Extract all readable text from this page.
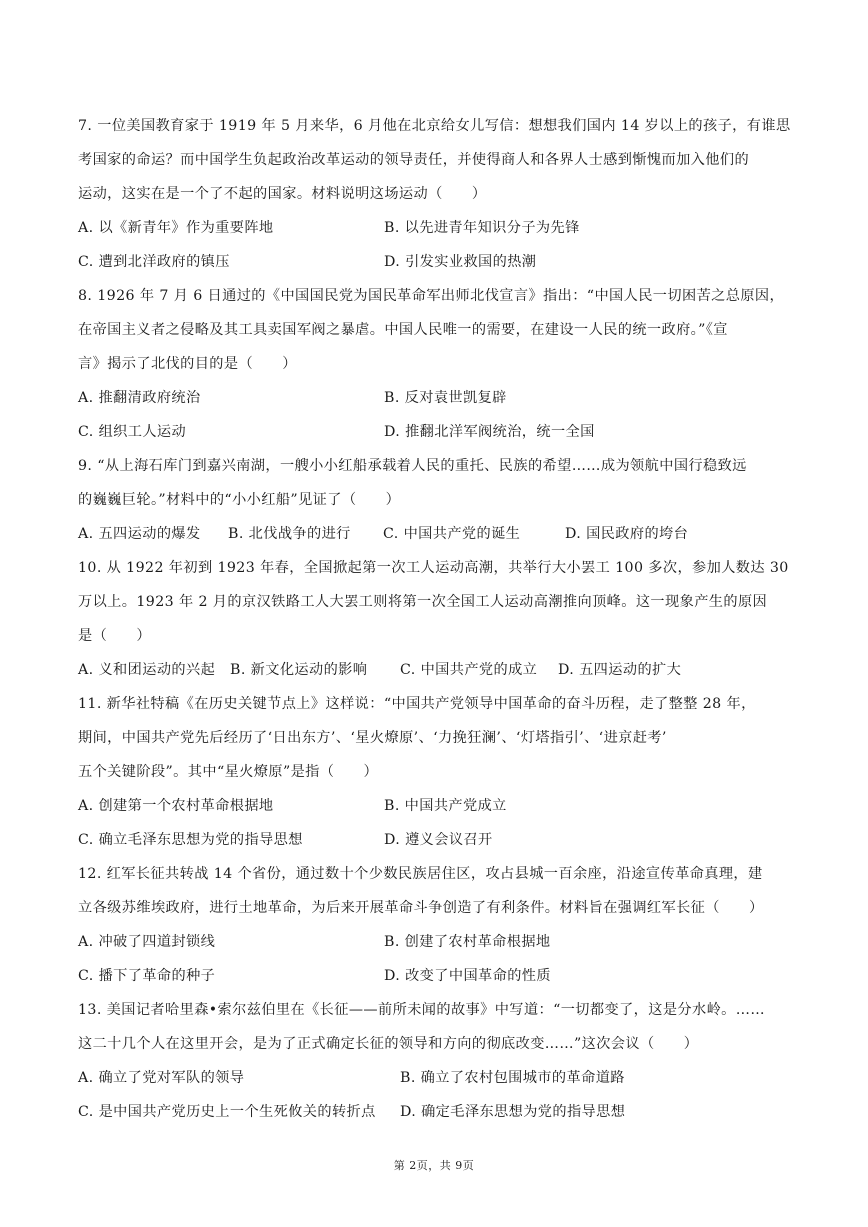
7. 一位美国教育家于 1919 年 5 月来华，6 月他在北京给女儿写信：想想我们国内 14 岁以上的孩子，有谁思

考国家的命运？而中国学生负起政治改革运动的领导责任，并使得商人和各界人士感到惭愧而加入他们的

运动，这实在是一个了不起的国家。材料说明这场运动（　　）

A. 以《新青年》作为重要阵地	B. 以先进青年知识分子为先锋
C. 遭到北洋政府的镇压	D. 引发实业救国的热潮

8. 1926 年 7 月 6 日通过的《中国国民党为国民革命军出师北伐宣言》指出：“中国人民一切困苦之总原因，

在帝国主义者之侵略及其工具卖国军阀之暴虐。中国人民唯一的需要，在建设一人民的统一政府。”《宣

言》揭示了北伐的目的是（　　）

A. 推翻清政府统治	B. 反对袁世凯复辟
C. 组织工人运动	D. 推翻北洋军阀统治，统一全国

9. “从上海石库门到嘉兴南湖，一艘小小红船承载着人民的重托、民族的希望……成为领航中国行稳致远

的巍巍巨轮。”材料中的“小小红船”见证了（　　）

A. 五四运动的爆发	B. 北伐战争的进行	C. 中国共产党的诞生	D. 国民政府的垮台

10. 从 1922 年初到 1923 年春，全国掀起第一次工人运动高潮，共举行大小罢工 100 多次，参加人数达 30

万以上。1923 年 2 月的京汉铁路工人大罢工则将第一次全国工人运动高潮推向顶峰。这一现象产生的原因

是（　　）

A. 义和团运动的兴起	B. 新文化运动的影响	C. 中国共产党的成立	D. 五四运动的扩大

11. 新华社特稿《在历史关键节点上》这样说：“中国共产党领导中国革命的奋斗历程，走了整整 28 年，

期间，中国共产党先后经历了‘日出东方’、‘星火燎原’、‘力挽狂澜’、‘灯塔指引’、‘进京赶考’

五个关键阶段”。其中“星火燎原”是指（　　）

A. 创建第一个农村革命根据地	B. 中国共产党成立
C. 确立毛泽东思想为党的指导思想	D. 遵义会议召开

12. 红军长征共转战 14 个省份，通过数十个少数民族居住区，攻占县城一百余座，沿途宣传革命真理，建

立各级苏维埃政府，进行土地革命，为后来开展革命斗争创造了有利条件。材料旨在强调红军长征（　　）

A. 冲破了四道封锁线	B. 创建了农村革命根据地
C. 播下了革命的种子	D. 改变了中国革命的性质

13. 美国记者哈里森•索尔兹伯里在《长征——前所未闻的故事》中写道：“一切都变了，这是分水岭。……

这二十几个人在这里开会，是为了正式确定长征的领导和方向的彻底改变……”这次会议（　　）

A. 确立了党对军队的领导	B. 确立了农村包围城市的革命道路
C. 是中国共产党历史上一个生死攸关的转折点	D. 确定毛泽东思想为党的指导思想
第 2页，共 9页
